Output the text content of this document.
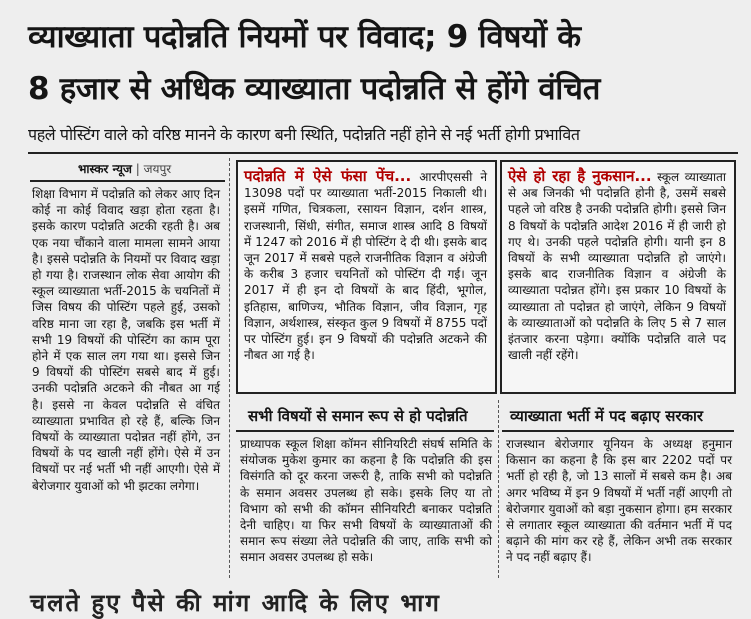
व्याख्याता पदोन्नति नियमों पर विवाद; 9 विषयों के
8 हजार से अधिक व्याख्याता पदोन्नति से होंगे वंचित
पहले पोस्टिंग वाले को वरिष्ठ मानने के कारण बनी स्थिति, पदोन्नति नहीं होने से नई भर्ती होगी प्रभावित
भास्कर न्यूज | जयपुर

शिक्षा विभाग में पदोन्नति को लेकर आए दिन कोई ना कोई विवाद खड़ा होता रहता है। इसके कारण पदोन्नति अटकी रहती है। अब एक नया चौंकाने वाला मामला सामने आया है। इससे पदोन्नति के नियमों पर विवाद खड़ा हो गया है। राजस्थान लोक सेवा आयोग की स्कूल व्याख्याता भर्ती-2015 के चयनितों में जिस विषय की पोस्टिंग पहले हुई, उसको वरिष्ठ माना जा रहा है, जबकि इस भर्ती में सभी 19 विषयों की पोस्टिंग का काम पूरा होने में एक साल लग गया था। इससे जिन 9 विषयों की पोस्टिंग सबसे बाद में हुई। उनकी पदोन्नति अटकने की नौबत आ गई है। इससे ना केवल पदोन्नति से वंचित व्याख्याता प्रभावित हो रहे हैं, बल्कि जिन विषयों के व्याख्याता पदोन्नत नहीं होंगे, उन विषयों के पद खाली नहीं होंगे। ऐसे में उन विषयों पर नई भर्ती भी नहीं आएगी। ऐसे में बेरोजगार युवाओं को भी झटका लगेगा।

पदोन्नति में ऐसे फंसा पेंच... आरपीएससी ने 13098 पदों पर व्याख्याता भर्ती-2015 निकाली थी। इसमें गणित, चित्रकला, रसायन विज्ञान, दर्शन शास्त्र, राजस्थानी, सिंधी, संगीत, समाज शास्त्र आदि 8 विषयों में 1247 को 2016 में ही पोस्टिंग दे दी थी। इसके बाद जून 2017 में सबसे पहले राजनीतिक विज्ञान व अंग्रेजी के करीब 3 हजार चयनितों को पोस्टिंग दी गई। जून 2017 में ही इन दो विषयों के बाद हिंदी, भूगोल, इतिहास, बाणिज्य, भौतिक विज्ञान, जीव विज्ञान, गृह विज्ञान, अर्थशास्त्र, संस्कृत कुल 9 विषयों में 8755 पदों पर पोस्टिंग हुई। इन 9 विषयों की पदोन्नति अटकने की नौबत आ गई है।

ऐसे हो रहा है नुकसान... स्कूल व्याख्याता से अब जिनकी भी पदोन्नति होनी है, उसमें सबसे पहले जो वरिष्ठ है उनकी पदोन्नति होगी। इससे जिन 8 विषयों के पदोन्नति आदेश 2016 में ही जारी हो गए थे। उनकी पहले पदोन्नति होगी। यानी इन 8 विषयों के सभी व्याख्याता पदोन्नति हो जाएंगे। इसके बाद राजनीतिक विज्ञान व अंग्रेजी के व्याख्याता पदोन्नत होंगे। इस प्रकार 10 विषयों के व्याख्याता तो पदोन्नत हो जाएंगे, लेकिन 9 विषयों के व्याख्याताओं को पदोन्नति के लिए 5 से 7 साल इंतजार करना पड़ेगा। क्योंकि पदोन्नति वाले पद खाली नहीं रहेंगे।

सभी विषयों से समान रूप से हो पदोन्नति

प्राध्यापक स्कूल शिक्षा कॉमन सीनियरिटी संघर्ष समिति के संयोजक मुकेश कुमार का कहना है कि पदोन्नति की इस विसंगति को दूर करना जरूरी है, ताकि सभी को पदोन्नति के समान अवसर उपलब्ध हो सके। इसके लिए या तो विभाग को सभी की कॉमन सीनियरिटी बनाकर पदोन्नति देनी चाहिए। या फिर सभी विषयों के व्याख्याताओं की समान रूप संख्या लेते पदोन्नति की जाए, ताकि सभी को समान अवसर उपलब्ध हो सके।

व्याख्याता भर्ती में पद बढ़ाए सरकार

राजस्थान बेरोजगार यूनियन के अध्यक्ष हनुमान किसान का कहना है कि इस बार 2202 पदों पर भर्ती हो रही है, जो 13 सालों में सबसे कम है। अब अगर भविष्य में इन 9 विषयों में भर्ती नहीं आएगी तो बेरोजगार युवाओं को बड़ा नुकसान होगा। हम सरकार से लगातार स्कूल व्याख्याता की वर्तमान भर्ती में पद बढ़ाने की मांग कर रहे हैं, लेकिन अभी तक सरकार ने पद नहीं बढ़ाए हैं।

चलते हुए पैसे की मांग आदि के लिए भाग
